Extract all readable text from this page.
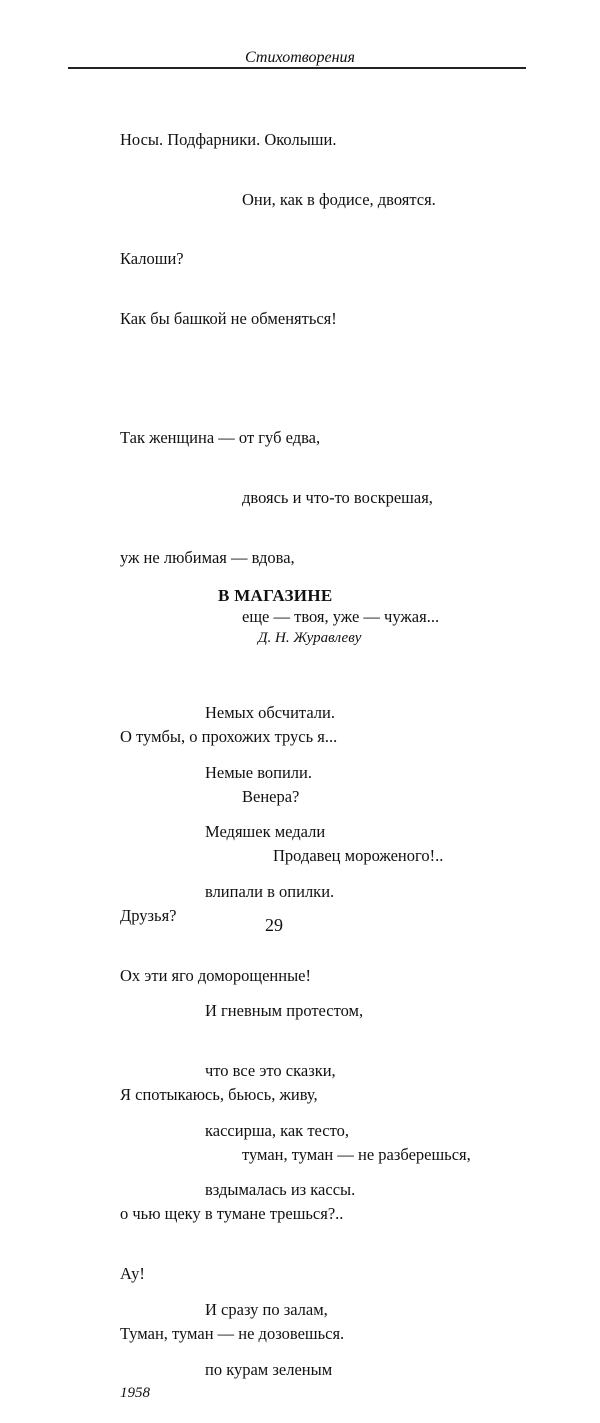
Стихотворения

Носы. Подфарники. Околыши.

Они, как в фодисе, двоятся.

Калоши?

Как бы башкой не обменяться!

Так женщина — от губ едва,

двоясь и что-то воскрешая,

уж не любимая — вдова,

еще — твоя, уже — чужая...

О тумбы, о прохожих трусь я...

Венера?

Продавец мороженого!..

Друзья?

Ох эти яго доморощенные!

Я спотыкаюсь, бьюсь, живу,

туман, туман — не разберешься,

о чью щеку в тумане трешься?..

Ау!

Туман, туман — не дозовешься.

1958

В МАГАЗИНЕ
Д. Н. Журавлеву

Немых обсчитали.

Немые вопили.

Медяшек медали

влипали в опилки.

И гневным протестом,

что все это сказки,

кассирша, как тесто,

вздымалась из кассы.

И сразу по залам,

по курам зеленым

29
